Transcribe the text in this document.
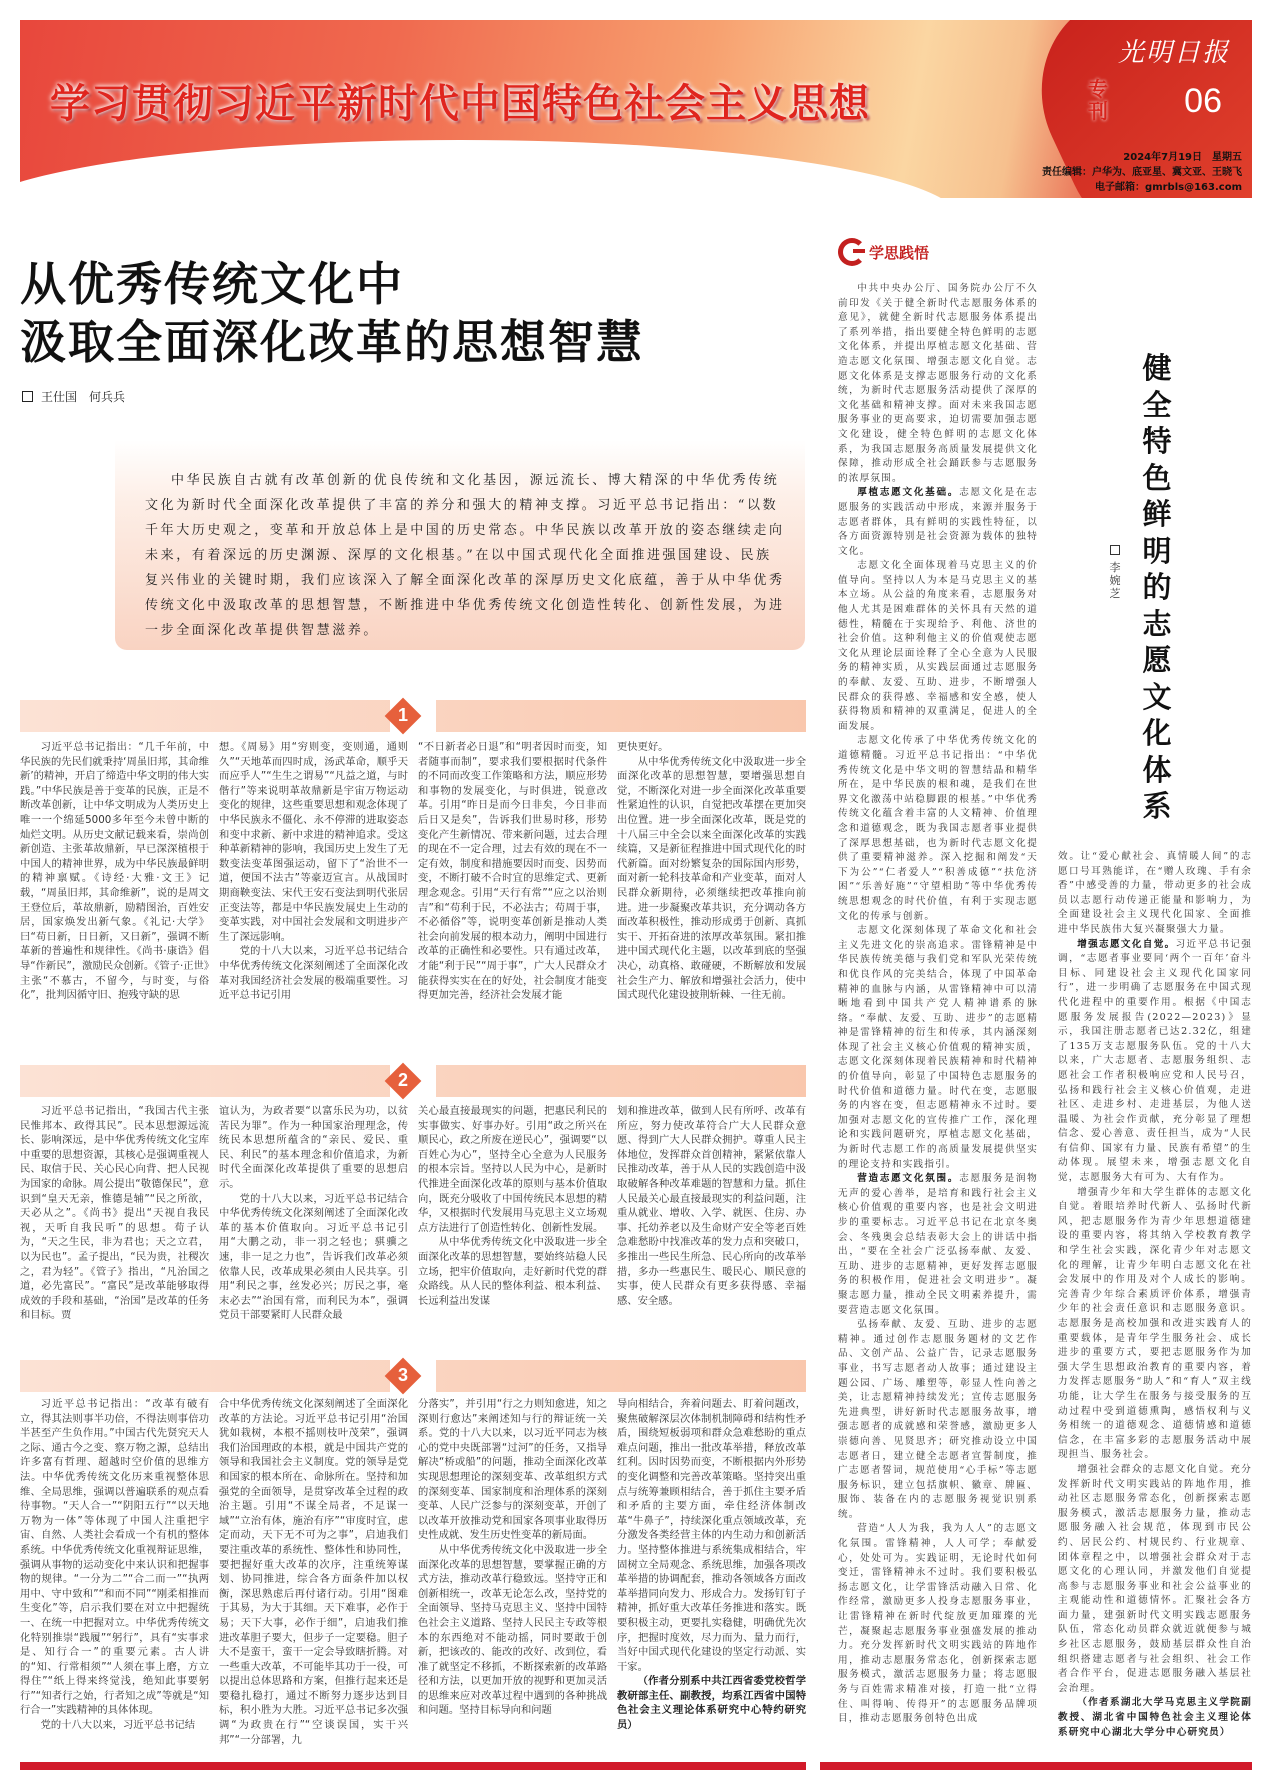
学习贯彻习近平新时代中国特色社会主义思想	专刊
光明日报
06
2024年7月19日　星期五
责任编辑：户华为、底亚星、冀文亚、王晓飞
电子邮箱：gmrbls@163.com
从优秀传统文化中
汲取全面深化改革的思想智慧
王仕国　何兵兵

中华民族自古就有改革创新的优良传统和文化基因，源远流长、博大精深的中华优秀传统文化为新时代全面深化改革提供了丰富的养分和强大的精神支撑。习近平总书记指出：“以数千年大历史观之，变革和开放总体上是中国的历史常态。中华民族以改革开放的姿态继续走向未来，有着深远的历史渊源、深厚的文化根基。”在以中国式现代化全面推进强国建设、民族复兴伟业的关键时期，我们应该深入了解全面深化改革的深厚历史文化底蕴，善于从中华优秀传统文化中汲取改革的思想智慧，不断推进中华优秀传统文化创造性转化、创新性发展，为进一步全面深化改革提供智慧滋养。

1

习近平总书记指出：“几千年前，中华民族的先民们就秉持‘周虽旧邦，其命维新’的精神，开启了缔造中华文明的伟大实践。”中华民族是善于变革的民族，正是不断改革创新，让中华文明成为人类历史上唯一一个绵延5000多年至今未曾中断的灿烂文明。从历史文献记载来看，崇尚创新创造、主张革故鼎新，早已深深植根于中国人的精神世界，成为中华民族最鲜明的精神禀赋。《诗经·大雅·文王》记载，“周虽旧邦，其命维新”，说的是周文王登位后，革故鼎新，励精图治，百姓安居，国家焕发出新气象。《礼记·大学》曰“苟日新，日日新，又日新”，强调不断革新的普遍性和规律性。《尚书·康诰》倡导“作新民”，激励民众创新。《管子·正世》主张“不慕古，不留今，与时变，与俗化”，批判因循守旧、抱残守缺的思

想。《周易》用“穷则变，变则通，通则久”“天地革而四时成，汤武革命，顺乎天而应乎人”“生生之谓易”“凡益之道，与时偕行”等来说明革故鼎新是宇宙万物运动变化的规律，这些重要思想和观念体现了中华民族永不僵化、永不停滞的进取姿态和变中求新、新中求进的精神追求。受这种革新精神的影响，我国历史上发生了无数变法变革图强运动，留下了“治世不一道，便国不法古”等豪迈宣言。从战国时期商鞅变法、宋代王安石变法到明代张居正变法等，都是中华民族发展史上生动的变革实践，对中国社会发展和文明进步产生了深远影响。

党的十八大以来，习近平总书记结合中华优秀传统文化深刻阐述了全面深化改革对我国经济社会发展的极端重要性。习近平总书记引用

“不日新者必日退”和“明者因时而变，知者随事而制”，要求我们要根据时代条件的不同而改变工作策略和方法，顺应形势和事物的发展变化，与时俱进，锐意改革。引用“昨日是而今日非矣，今日非而后日又是矣”，告诉我们世易时移，形势变化产生新情况、带来新问题，过去合理的现在不一定合理，过去有效的现在不一定有效，制度和措施要因时而变、因势而变，不断打破不合时宜的思维定式、更新理念观念。引用“天行有常”“应之以治则吉”和“苟利于民，不必法古；苟周于事，不必循俗”等，说明变革创新是推动人类社会向前发展的根本动力，阐明中国进行改革的正确性和必要性。只有通过改革，才能“利于民”“周于事”，广大人民群众才能获得实实在在的好处，社会制度才能变得更加完善，经济社会发展才能

更快更好。

从中华优秀传统文化中汲取进一步全面深化改革的思想智慧，要增强思想自觉，不断深化对进一步全面深化改革重要性紧迫性的认识，自觉把改革摆在更加突出位置。进一步全面深化改革，既是党的十八届三中全会以来全面深化改革的实践续篇，又是新征程推进中国式现代化的时代新篇。面对纷繁复杂的国际国内形势，面对新一轮科技革命和产业变革，面对人民群众新期待，必须继续把改革推向前进。进一步凝聚改革共识，充分调动各方面改革积极性，推动形成勇于创新、真抓实干、开拓奋进的浓厚改革氛围。紧扣推进中国式现代化主题，以改革到底的坚强决心，动真格、敢碰硬，不断解放和发展社会生产力、解放和增强社会活力，使中国式现代化建设披荆斩棘、一往无前。

2

习近平总书记指出，“我国古代主张民惟邦本、政得其民”。民本思想源远流长、影响深远，是中华优秀传统文化宝库中重要的思想资源，其核心是强调重视人民、取信于民、关心民心向背、把人民视为国家的命脉。周公提出“敬德保民”，意识到“皇天无亲，惟德是辅”“民之所欲，天必从之”。《尚书》提出“天视自我民视，天听自我民听”的思想。荀子认为，“天之生民，非为君也；天之立君，以为民也”。孟子提出，“民为贵，社稷次之，君为轻”。《管子》指出，“凡治国之道，必先富民”。“富民”是改革能够取得成效的手段和基础，“治国”是改革的任务和目标。贾

谊认为，为政者要“以富乐民为功，以贫苦民为罪”。作为一种国家治理理念，传统民本思想所蕴含的“亲民、爱民、重民、利民”的基本理念和价值追求，为新时代全面深化改革提供了重要的思想启示。

党的十八大以来，习近平总书记结合中华优秀传统文化深刻阐述了全面深化改革的基本价值取向。习近平总书记引用“大鹏之动，非一羽之轻也；骐骥之速，非一足之力也”，告诉我们改革必须依靠人民，改革成果必须由人民共享。引用“利民之事，丝发必兴；厉民之事，毫末必去”“治国有常，而利民为本”，强调党员干部要紧盯人民群众最

关心最直接最现实的问题，把惠民利民的实事做实、好事办好。引用“政之所兴在顺民心，政之所废在逆民心”，强调要“以百姓心为心”，坚持全心全意为人民服务的根本宗旨。坚持以人民为中心，是新时代推进全面深化改革的原则与基本价值取向，既充分吸收了中国传统民本思想的精华，又根据时代发展用马克思主义立场观点方法进行了创造性转化、创新性发展。

从中华优秀传统文化中汲取进一步全面深化改革的思想智慧，要始终站稳人民立场，把牢价值取向，走好新时代党的群众路线。从人民的整体利益、根本利益、长远利益出发谋

划和推进改革，做到人民有所呼、改革有所应，努力使改革符合广大人民群众意愿、得到广大人民群众拥护。尊重人民主体地位，发挥群众首创精神，紧紧依靠人民推动改革，善于从人民的实践创造中汲取破解各种改革难题的智慧和力量。抓住人民最关心最直接最现实的利益问题，注重从就业、增收、入学、就医、住房、办事、托幼养老以及生命财产安全等老百姓急难愁盼中找准改革的发力点和突破口，多推出一些民生所急、民心所向的改革举措，多办一些惠民生、暖民心、顺民意的实事，使人民群众有更多获得感、幸福感、安全感。

3

习近平总书记指出：“改革有破有立，得其法则事半功倍，不得法则事倍功半甚至产生负作用。”中国古代先贤究天人之际、通古今之变、察万物之源，总结出许多富有哲理、超越时空价值的思维方法。中华优秀传统文化历来重视整体思维、全局思维，强调以普遍联系的观点看待事物。“天人合一”“阴阳五行”“以天地万物为一体”等体现了中国人注重把宇宙、自然、人类社会看成一个有机的整体系统。中华优秀传统文化重视辩证思维，强调从事物的运动变化中来认识和把握事物的规律。“一分为二”“合二而一”“执两用中、守中致和”“和而不同”“刚柔相推而生变化”等，启示我们要在对立中把握统一、在统一中把握对立。中华优秀传统文化特别推崇“践履”“躬行”，具有“实事求是、知行合一”的重要元素。古人讲的“知、行常相须”“人须在事上磨，方立得住”“纸上得来终觉浅，绝知此事要躬行”“知者行之始，行者知之成”等就是“知行合一”实践精神的具体体现。

党的十八大以来，习近平总书记结

合中华优秀传统文化深刻阐述了全面深化改革的方法论。习近平总书记引用“治国犹如栽树，本根不摇则枝叶茂荣”，强调我们治国理政的本根，就是中国共产党的领导和我国社会主义制度。党的领导是党和国家的根本所在、命脉所在。坚持和加强党的全面领导，是贯穿改革全过程的政治主题。引用“不谋全局者，不足谋一域”“立治有体，施治有序”“审度时宜，虑定而动，天下无不可为之事”，启迪我们要注重改革的系统性、整体性和协同性，要把握好重大改革的次序，注重统筹谋划、协同推进，综合各方面条件加以权衡，深思熟虑后再付诸行动。引用“图难于其易，为大于其细。天下难事，必作于易；天下大事，必作于细”，启迪我们推进改革胆子要大，但步子一定要稳。胆子大不是蛮干，蛮干一定会导致瞎折腾。对一些重大改革，不可能毕其功于一役，可以提出总体思路和方案，但推行起来还是要稳扎稳打，通过不断努力逐步达到目标，积小胜为大胜。习近平总书记多次强调“为政贵在行”“空谈误国，实干兴邦”“一分部署，九

分落实”，并引用“行之力则知愈进，知之深则行愈达”来阐述知与行的辩证统一关系。党的十八大以来，以习近平同志为核心的党中央既部署“过河”的任务，又指导解决“桥或船”的问题，推动全面深化改革实现思想理论的深刻变革、改革组织方式的深刻变革、国家制度和治理体系的深刻变革、人民广泛参与的深刻变革，开创了以改革开放推动党和国家各项事业取得历史性成就、发生历史性变革的新局面。

从中华优秀传统文化中汲取进一步全面深化改革的思想智慧，要掌握正确的方式方法，推动改革行稳致远。坚持守正和创新相统一，改革无论怎么改，坚持党的全面领导、坚持马克思主义、坚持中国特色社会主义道路、坚持人民民主专政等根本的东西绝对不能动摇，同时要敢于创新，把该改的、能改的改好、改到位，看准了就坚定不移抓，不断探索新的改革路径和方法，以更加开放的视野和更加灵活的思维来应对改革过程中遇到的各种挑战和问题。坚持目标导向和问题

导向相结合，奔着问题去、盯着问题改，聚焦破解深层次体制机制障碍和结构性矛盾，围绕短板弱项和群众急难愁盼的重点难点问题，推出一批改革举措，释放改革红利。因时因势而变，不断根据内外形势的变化调整和完善改革策略。坚持突出重点与统筹兼顾相结合，善于抓住主要矛盾和矛盾的主要方面，牵住经济体制改革“牛鼻子”，持续深化重点领域改革，充分激发各类经营主体的内生动力和创新活力。坚持整体推进与系统集成相结合，牢固树立全局观念、系统思维，加强各项改革举措的协调配套，推动各领域各方面改革举措同向发力、形成合力。发扬钉钉子精神，抓好重大改革任务推进和落实。既要积极主动，更要扎实稳健，明确优先次序，把握时度效，尽力而为、量力而行，当好中国式现代化建设的坚定行动派、实干家。

（作者分别系中共江西省委党校哲学教研部主任、副教授，均系江西省中国特色社会主义理论体系研究中心特约研究员）

学思践悟
健全特色鲜明的志愿文化体系
李婉芝

中共中央办公厅、国务院办公厅不久前印发《关于健全新时代志愿服务体系的意见》，就健全新时代志愿服务体系提出了系列举措，指出要健全特色鲜明的志愿文化体系，并提出厚植志愿文化基础、营造志愿文化氛围、增强志愿文化自觉。志愿文化体系是支撑志愿服务行动的文化系统，为新时代志愿服务活动提供了深厚的文化基础和精神支撑。面对未来我国志愿服务事业的更高要求，迫切需要加强志愿文化建设，健全特色鲜明的志愿文化体系，为我国志愿服务高质量发展提供文化保障，推动形成全社会踊跃参与志愿服务的浓厚氛围。

厚植志愿文化基础。志愿文化是在志愿服务的实践活动中形成，来源并服务于志愿者群体，具有鲜明的实践性特征，以各方面资源特别是社会资源为载体的独特文化。

志愿文化全面体现着马克思主义的价值导向。坚持以人为本是马克思主义的基本立场。从公益的角度来看，志愿服务对他人尤其是困难群体的关怀具有天然的道德性，精髓在于实现给予、利他、济世的社会价值。这种利他主义的价值观使志愿文化从理论层面诠释了全心全意为人民服务的精神实质，从实践层面通过志愿服务的奉献、友爱、互助、进步，不断增强人民群众的获得感、幸福感和安全感，使人获得物质和精神的双重满足，促进人的全面发展。

志愿文化传承了中华优秀传统文化的道德精髓。习近平总书记指出：“中华优秀传统文化是中华文明的智慧结晶和精华所在，是中华民族的根和魂，是我们在世界文化激荡中站稳脚跟的根基。”中华优秀传统文化蕴含着丰富的人文精神、价值理念和道德观念，既为我国志愿者事业提供了深厚思想基础，也为新时代志愿文化提供了重要精神滋养。深入挖掘和阐发“天下为公”“仁者爱人”“积善成德”“扶危济困”“乐善好施”“守望相助”等中华优秀传统思想观念的时代价值，有利于实现志愿文化的传承与创新。

志愿文化深刻体现了革命文化和社会主义先进文化的崇高追求。雷锋精神是中华民族传统美德与我们党和军队光荣传统和优良作风的完美结合，体现了中国革命精神的血脉与内涵，从雷锋精神中可以清晰地看到中国共产党人精神谱系的脉络。“奉献、友爱、互助、进步”的志愿精神是雷锋精神的衍生和传承，其内涵深刻体现了社会主义核心价值观的精神实质，志愿文化深刻体现着民族精神和时代精神的价值导向，彰显了中国特色志愿服务的时代价值和道德力量。时代在变，志愿服务的内容在变，但志愿精神永不过时。要加强对志愿文化的宣传推广工作，深化理论和实践问题研究，厚植志愿文化基础，为新时代志愿工作的高质量发展提供坚实的理论支持和实践指引。

营造志愿文化氛围。志愿服务是润物无声的爱心善举，是培育和践行社会主义核心价值观的重要内容，也是社会文明进步的重要标志。习近平总书记在北京冬奥会、冬残奥会总结表彰大会上的讲话中指出，“要在全社会广泛弘扬奉献、友爱、互助、进步的志愿精神，更好发挥志愿服务的积极作用，促进社会文明进步”。凝聚志愿力量，推动全民文明素养提升，需要营造志愿文化氛围。

弘扬奉献、友爱、互助、进步的志愿精神。通过创作志愿服务题材的文艺作品、文创产品、公益广告，记录志愿服务事业，书写志愿者动人故事；通过建设主题公园、广场、雕塑等，彰显人性向善之美，让志愿精神持续发光；宣传志愿服务先进典型，讲好新时代志愿服务故事，增强志愿者的成就感和荣誉感，激励更多人崇德向善、见贤思齐；研究推动设立中国志愿者日，建立健全志愿者宣誓制度，推广志愿者誓词，规范使用“心手标”等志愿服务标识，建立包括旗帜、徽章、牌匾、服饰、装备在内的志愿服务视觉识别系统。

营造“人人为我，我为人人”的志愿文化氛围。雷锋精神，人人可学；奉献爱心，处处可为。实践证明，无论时代如何变迁，雷锋精神永不过时。我们要积极弘扬志愿文化，让学雷锋活动融入日常、化作经常，激励更多人投身志愿服务事业，让雷锋精神在新时代绽放更加璀璨的光芒，凝聚起志愿服务事业强盛发展的推动力。充分发挥新时代文明实践站的阵地作用，推动志愿服务常态化，创新探索志愿服务模式，激活志愿服务力量；将志愿服务与百姓需求精准对接，打造一批“立得住、叫得响、传得开”的志愿服务品牌项目，推动志愿服务创特色出成

效。让“爱心献社会、真情暖人间”的志愿口号耳熟能详，在“赠人玫瑰、手有余香”中感受善的力量，带动更多的社会成员以志愿行动传递正能量和影响力，为全面建设社会主义现代化国家、全面推进中华民族伟大复兴凝聚强大力量。

增强志愿文化自觉。习近平总书记强调，“志愿者事业要同‘两个一百年’奋斗目标、同建设社会主义现代化国家同行”，进一步明确了志愿服务在中国式现代化进程中的重要作用。根据《中国志愿服务发展报告(2022—2023)》显示，我国注册志愿者已达2.32亿，组建了135万支志愿服务队伍。党的十八大以来，广大志愿者、志愿服务组织、志愿社会工作者积极响应党和人民号召，弘扬和践行社会主义核心价值观，走进社区、走进乡村、走进基层，为他人送温暖、为社会作贡献，充分彰显了理想信念、爱心善意、责任担当，成为“人民有信仰、国家有力量、民族有希望”的生动体现。展望未来，增强志愿文化自觉，志愿服务大有可为、大有作为。

增强青少年和大学生群体的志愿文化自觉。着眼培养时代新人、弘扬时代新风，把志愿服务作为青少年思想道德建设的重要内容，将其纳入学校教育教学和学生社会实践，深化青少年对志愿文化的理解，让青少年明白志愿文化在社会发展中的作用及对个人成长的影响。完善青少年综合素质评价体系，增强青少年的社会责任意识和志愿服务意识。志愿服务是高校加强和改进实践育人的重要载体，是青年学生服务社会、成长进步的重要方式，要把志愿服务作为加强大学生思想政治教育的重要内容，着力发挥志愿服务“助人”和“育人”双主线功能，让大学生在服务与接受服务的互动过程中受到道德熏陶，感悟权利与义务相统一的道德观念、道德情感和道德信念，在丰富多彩的志愿服务活动中展现担当、服务社会。

增强社会群众的志愿文化自觉。充分发挥新时代文明实践站的阵地作用，推动社区志愿服务常态化，创新探索志愿服务模式，激活志愿服务力量，推动志愿服务融入社会规范，体现到市民公约、居民公约、村规民约、行业规章、团体章程之中，以增强社会群众对于志愿文化的心理认同，并激发他们自觉提高参与志愿服务事业和社会公益事业的主观能动性和道德情怀。汇聚社会各方面力量，建强新时代文明实践志愿服务队伍，常态化动员群众就近就便参与城乡社区志愿服务，鼓励基层群众性自治组织搭建志愿者与社会组织、社会工作者合作平台，促进志愿服务融入基层社会治理。

（作者系湖北大学马克思主义学院副教授、湖北省中国特色社会主义理论体系研究中心湖北大学分中心研究员）
